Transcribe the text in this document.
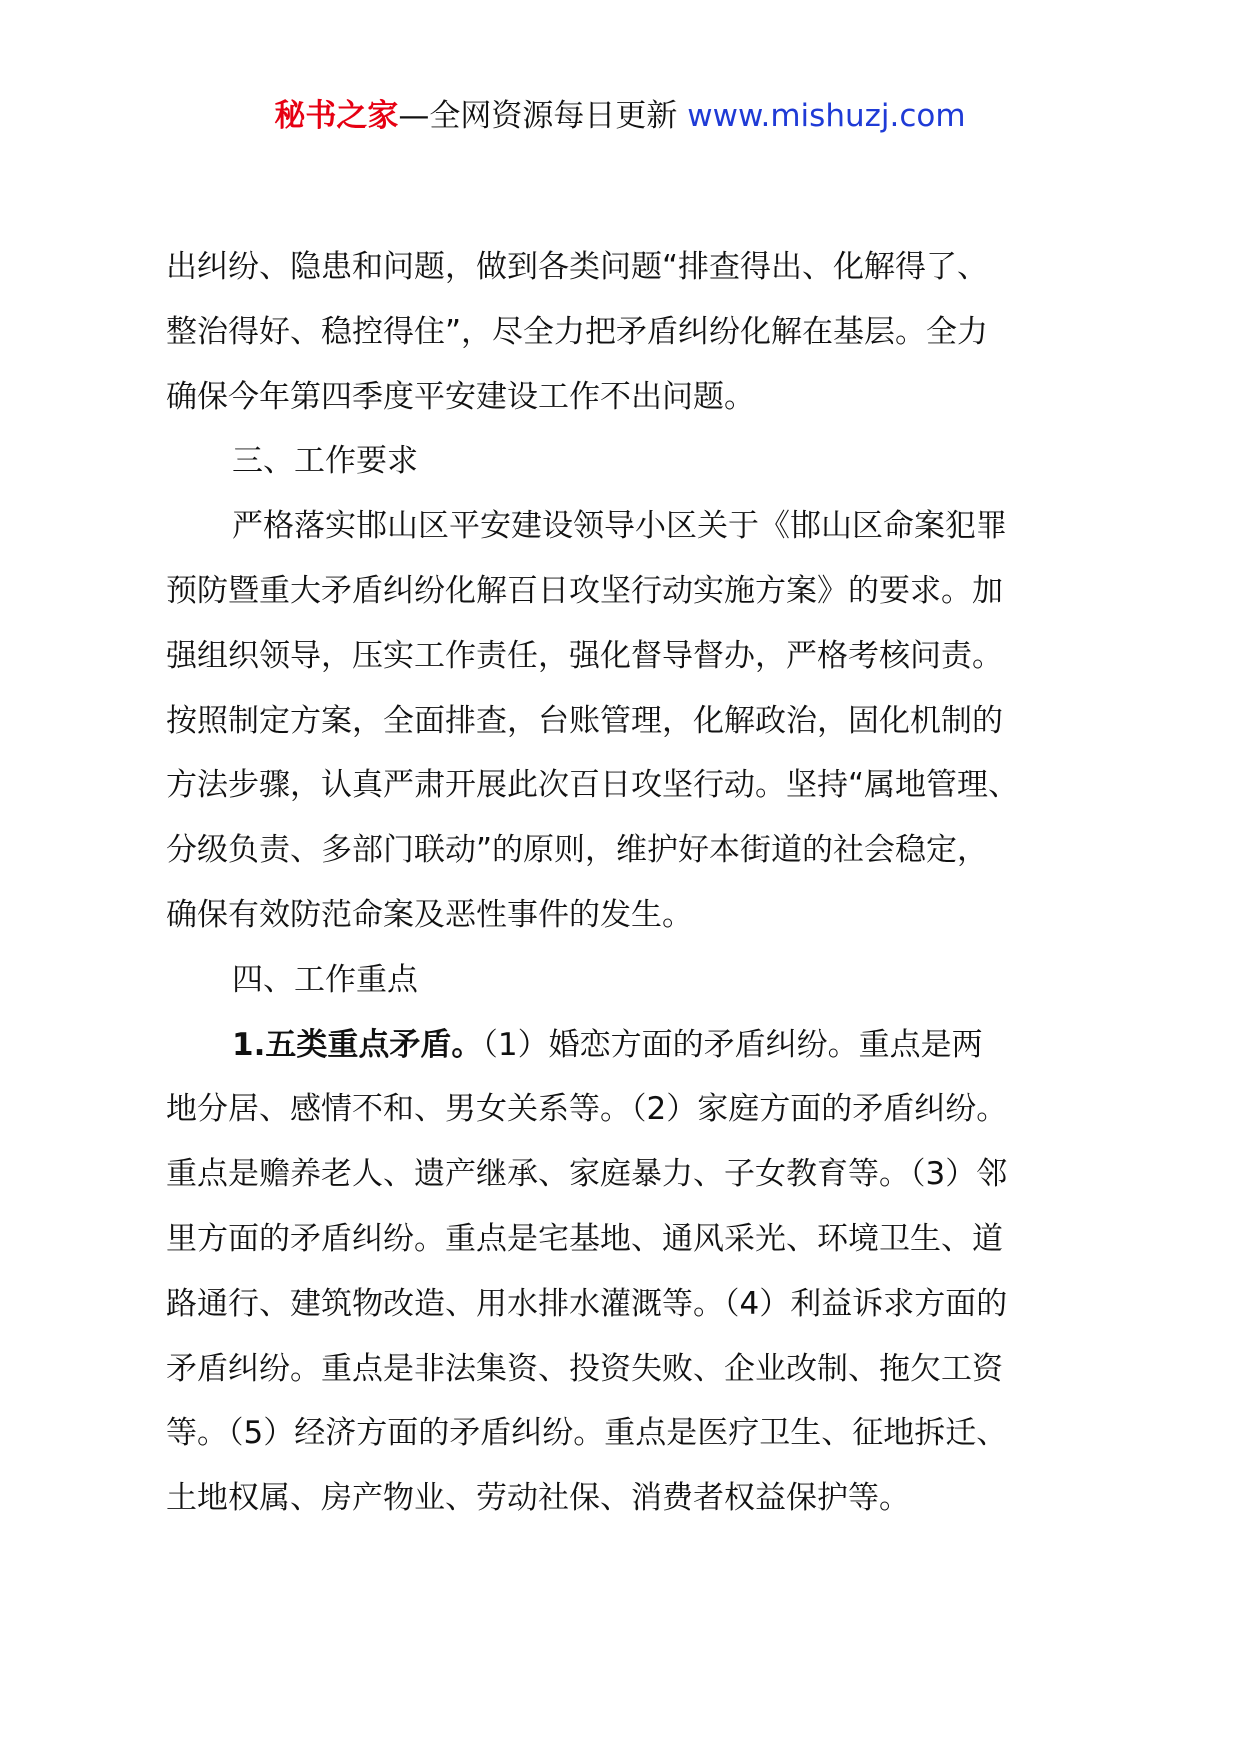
秘书之家—全网资源每日更新 www.mishuzj.com
出纠纷、隐患和问题，做到各类问题“排查得出、化解得了、
整治得好、稳控得住”，尽全力把矛盾纠纷化解在基层。全力
确保今年第四季度平安建设工作不出问题。
三、工作要求
严格落实邯山区平安建设领导小区关于《邯山区命案犯罪
预防暨重大矛盾纠纷化解百日攻坚行动实施方案》的要求。加
强组织领导，压实工作责任，强化督导督办，严格考核问责。
按照制定方案，全面排查，台账管理，化解政治，固化机制的
方法步骤，认真严肃开展此次百日攻坚行动。坚持“属地管理、
分级负责、多部门联动”的原则，维护好本街道的社会稳定，
确保有效防范命案及恶性事件的发生。
四、工作重点
1.五类重点矛盾。（1）婚恋方面的矛盾纠纷。重点是两
地分居、感情不和、男女关系等。（2）家庭方面的矛盾纠纷。
重点是赡养老人、遗产继承、家庭暴力、子女教育等。（3）邻
里方面的矛盾纠纷。重点是宅基地、通风采光、环境卫生、道
路通行、建筑物改造、用水排水灌溉等。（4）利益诉求方面的
矛盾纠纷。重点是非法集资、投资失败、企业改制、拖欠工资
等。（5）经济方面的矛盾纠纷。重点是医疗卫生、征地拆迁、
土地权属、房产物业、劳动社保、消费者权益保护等。
